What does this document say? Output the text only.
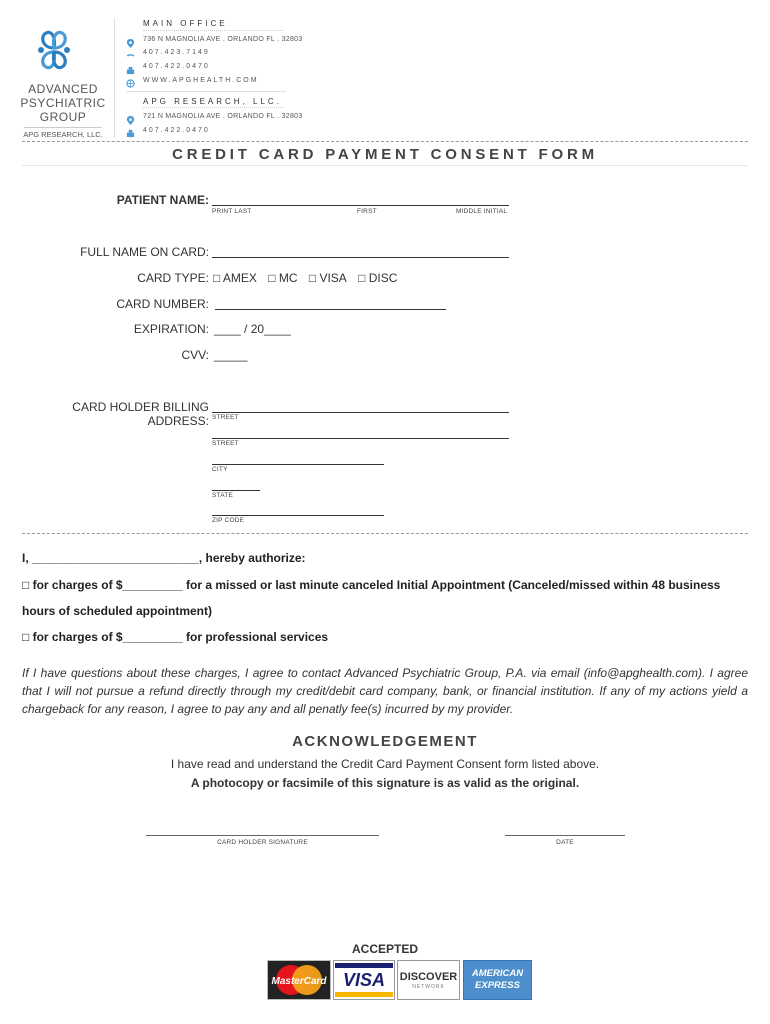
ADVANCED
PSYCHIATRIC
GROUP
APG RESEARCH, LLC.
MAIN OFFICE
736 N MAGNOLIA AVE . ORLANDO FL . 32803
407.423.7149
407.422.0470
WWW.APGHEALTH.COM
APG RESEARCH, LLC.
721 N MAGNOLIA AVE . ORLANDO FL . 32803
407.422.0470
CREDIT CARD PAYMENT CONSENT FORM
PATIENT NAME:
PRINT LAST	FIRST	MIDDLE INITIAL
FULL NAME ON CARD:
CARD TYPE: □ AMEX □ MC □ VISA □ DISC
CARD NUMBER:
EXPIRATION: ____ / 20____
CVV: _____
CARD HOLDER BILLING ADDRESS: STREET
STREET
CITY
STATE
ZIP CODE
I, _________________________, hereby authorize:
□ for charges of $_________ for a missed or last minute canceled Initial Appointment (Canceled/missed within 48 business
hours of scheduled appointment)
□ for charges of $_________ for professional services
If I have questions about these charges, I agree to contact Advanced Psychiatric Group, P.A. via email (info@apghealth.com). I agree that I will not pursue a refund directly through my credit/debit card company, bank, or financial institution. If any of my actions yield a chargeback for any reason, I agree to pay any and all penatly fee(s) incurred by my provider.
ACKNOWLEDGEMENT
I have read and understand the Credit Card Payment Consent form listed above.
A photocopy or facsimile of this signature is as valid as the original.
CARD HOLDER SIGNATURE	DATE
ACCEPTED
MasterCard VISA DISCOVER
NETWORK
AMERICAN
EXPRESS
